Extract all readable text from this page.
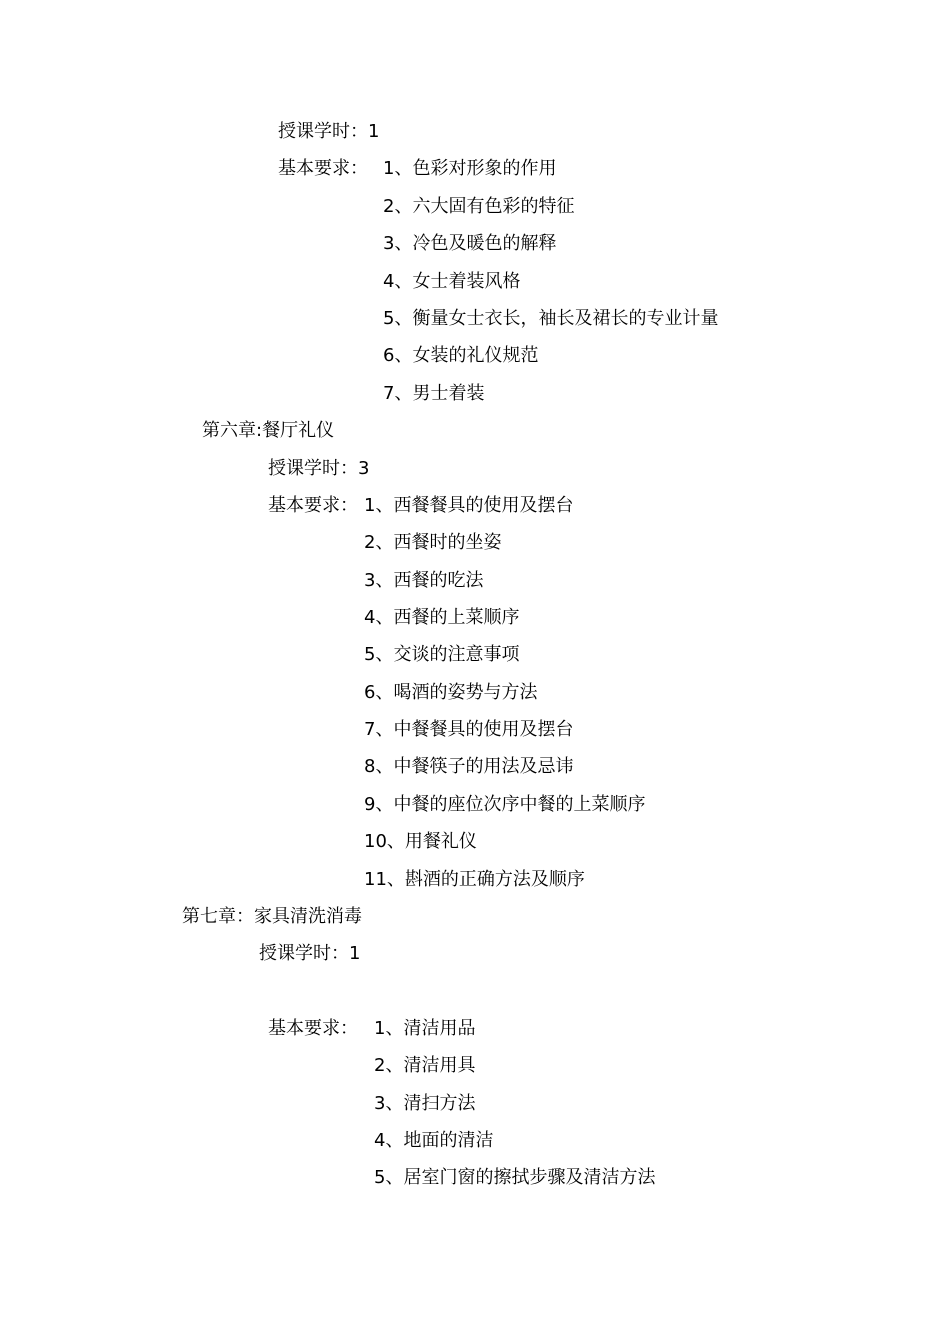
授课学时：1
基本要求： 1、色彩对形象的作用
2、六大固有色彩的特征
3、冷色及暖色的解释
4、女士着装风格
5、衡量女士衣长，袖长及裙长的专业计量
6、女装的礼仪规范
7、男士着装
第六章:餐厅礼仪
授课学时：3
基本要求： 1、西餐餐具的使用及摆台
2、西餐时的坐姿
3、西餐的吃法
4、西餐的上菜顺序
5、交谈的注意事项
6、喝酒的姿势与方法
7、中餐餐具的使用及摆台
8、中餐筷子的用法及忌讳
9、中餐的座位次序中餐的上菜顺序
10、用餐礼仪
11、斟酒的正确方法及顺序
第七章：家具清洗消毒
授课学时：1
基本要求： 1、清洁用品
2、清洁用具
3、清扫方法
4、地面的清洁
5、居室门窗的擦拭步骤及清洁方法
